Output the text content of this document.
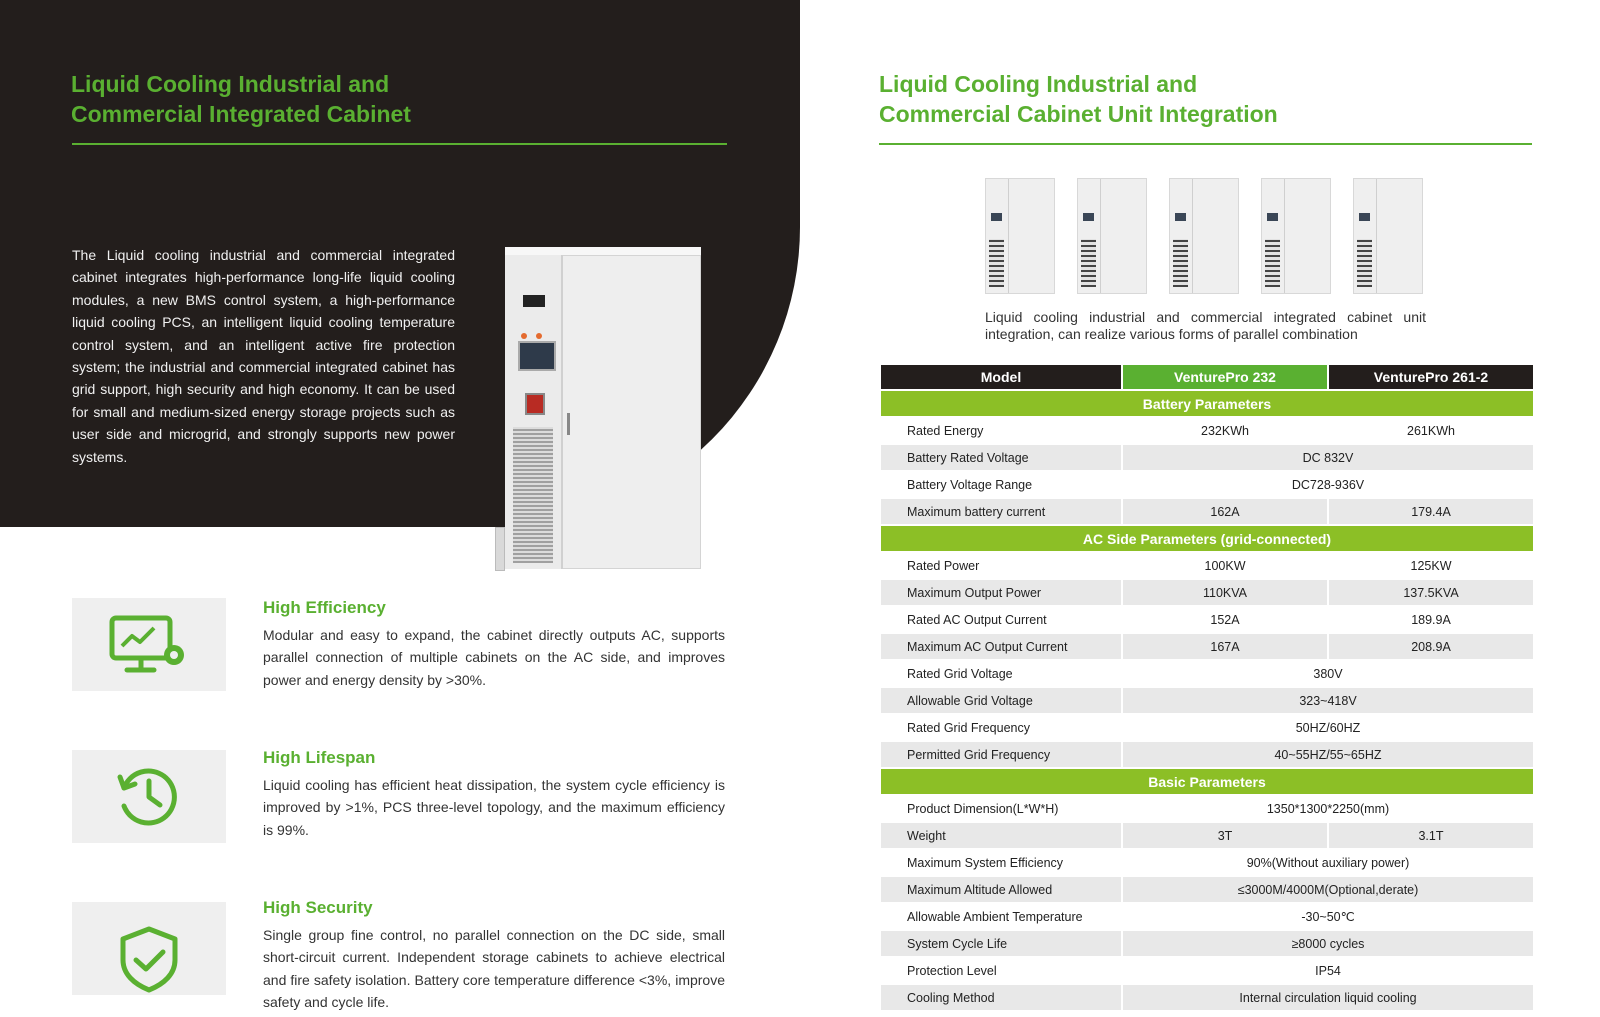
Liquid Cooling Industrial and
Commercial Integrated Cabinet

The Liquid cooling industrial and commercial integrated cabinet integrates high-performance long-life liquid cooling modules, a new BMS control system, a high-performance liquid cooling PCS, an intelligent liquid cooling temperature control system, and an intelligent active fire protection system; the industrial and commercial integrated cabinet has grid support, high security and high economy. It can be used for small and medium-sized energy storage projects such as user side and microgrid, and strongly supports new power systems.

High Efficiency

Modular and easy to expand, the cabinet directly outputs AC, supports parallel connection of multiple cabinets on the AC side, and improves power and energy density by >30%.

High Lifespan

Liquid cooling has efficient heat dissipation, the system cycle efficiency is improved by >1%, PCS three-level topology, and the maximum efficiency is 99%.

High Security

Single group fine control, no parallel connection on the DC side, small short-circuit current. Independent storage cabinets to achieve electrical and fire safety isolation. Battery core temperature difference <3%, improve safety and cycle life.

Liquid Cooling Industrial and
Commercial Cabinet Unit Integration

Liquid cooling industrial and commercial integrated cabinet unit integration, can realize various forms of parallel combination

Model	VenturePro 232	VenturePro 261-2
Battery Parameters		
Rated Energy	232KWh	261KWh
Battery Rated Voltage	DC 832V	
Battery Voltage Range	DC728-936V	
Maximum battery current	162A	179.4A
AC Side Parameters (grid-connected)		
Rated Power	100KW	125KW
Maximum Output Power	110KVA	137.5KVA
Rated AC Output Current	152A	189.9A
Maximum AC Output Current	167A	208.9A
Rated Grid Voltage	380V	
Allowable Grid Voltage	323~418V	
Rated Grid Frequency	50HZ/60HZ	
Permitted Grid Frequency	40~55HZ/55~65HZ	
Basic Parameters		
Product Dimension(L*W*H)	1350*1300*2250(mm)	
Weight	3T	3.1T
Maximum System Efficiency	90%(Without auxiliary power)	
Maximum Altitude Allowed	≤3000M/4000M(Optional,derate)	
Allowable Ambient Temperature	-30~50℃	
System Cycle Life	≥8000 cycles	
Protection Level	IP54	
Cooling Method	Internal circulation liquid cooling	
